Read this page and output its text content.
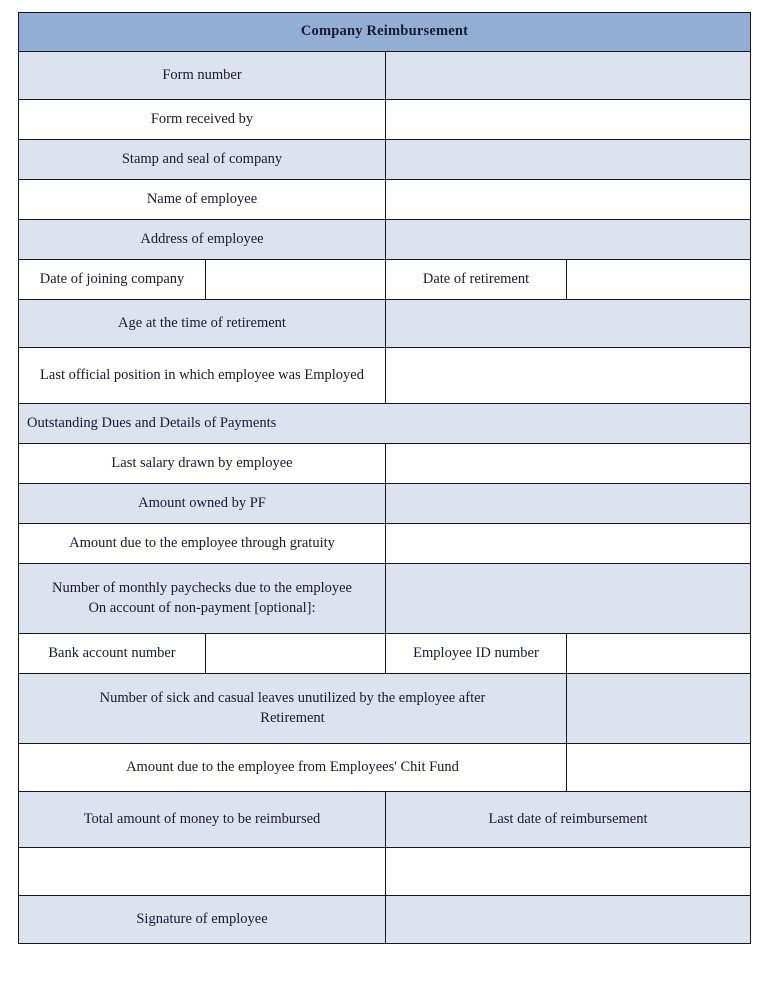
Company Reimbursement			
Form number			
Form received by			
Stamp and seal of company			
Name of employee			
Address of employee			
Date of joining company		Date of retirement	
Age at the time of retirement			
Last official position in which employee was Employed			
Outstanding Dues and Details of Payments			
Last salary drawn by employee			
Amount owned by PF			
Amount due to the employee through gratuity			

Number of monthly paychecks due to the employee
On account of non-payment [optional]:			

Bank account number		Employee ID number	

Number of sick and casual leaves unutilized by the employee after
Retirement			

Amount due to the employee from Employees' Chit Fund			
Total amount of money to be reimbursed		Last date of reimbursement	

Signature of employee			
